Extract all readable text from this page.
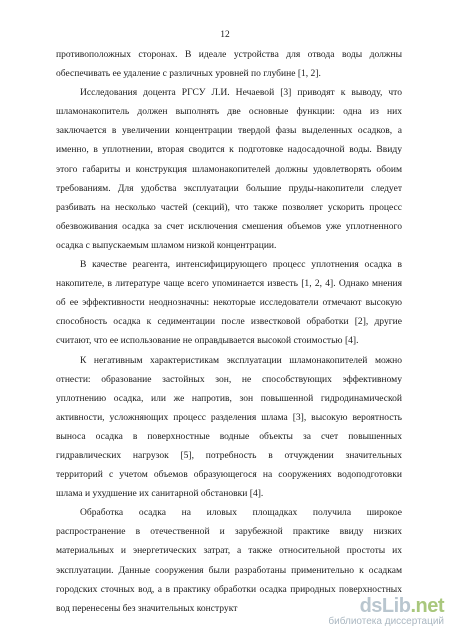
12
противоположных сторонах. В идеале устройства для отвода воды должны
обеспечивать ее удаление с различных уровней по глубине [1, 2].
Исследования доцента РГСУ Л.И. Нечаевой [3] приводят к выводу, что
шламонакопитель должен выполнять две основные функции: одна из них
заключается в увеличении концентрации твердой фазы выделенных осадков, а
именно, в уплотнении, вторая сводится к подготовке надосадочной воды. Ввиду
этого габариты и конструкция шламонакопителей должны удовлетворять обоим
требованиям. Для удобства эксплуатации большие пруды-накопители следует
разбивать на несколько частей (секций), что также позволяет ускорить процесс
обезвоживания осадка за счет исключения смешения объемов уже уплотненного
осадка с выпускаемым шламом низкой концентрации.
В качестве реагента, интенсифицирующего процесс уплотнения осадка в
накопителе, в литературе чаще всего упоминается известь [1, 2, 4]. Однако мнения
об ее эффективности неоднозначны: некоторые исследователи отмечают высокую
способность осадка к седиментации после известковой обработки [2], другие
считают, что ее использование не оправдывается высокой стоимостью [4].
К негативным характеристикам эксплуатации шламонакопителей можно
отнести: образование застойных зон, не способствующих эффективному
уплотнению осадка, или же напротив, зон повышенной гидродинамической
активности, усложняющих процесс разделения шлама [3], высокую вероятность
выноса осадка в поверхностные водные объекты за счет повышенных
гидравлических нагрузок [5], потребность в отчуждении значительных
территорий с учетом объемов образующегося на сооружениях водоподготовки
шлама и ухудшение их санитарной обстановки [4].
Обработка осадка на иловых площадках получила широкое
распространение в отечественной и зарубежной практике ввиду низких
материальных и энергетических затрат, а также относительной простоты их
эксплуатации. Данные сооружения были разработаны применительно к осадкам
городских сточных вод, а в практику обработки осадка природных поверхностных
вод перенесены без значительных конструкт	dsLib.net
библиотека диссертаций
